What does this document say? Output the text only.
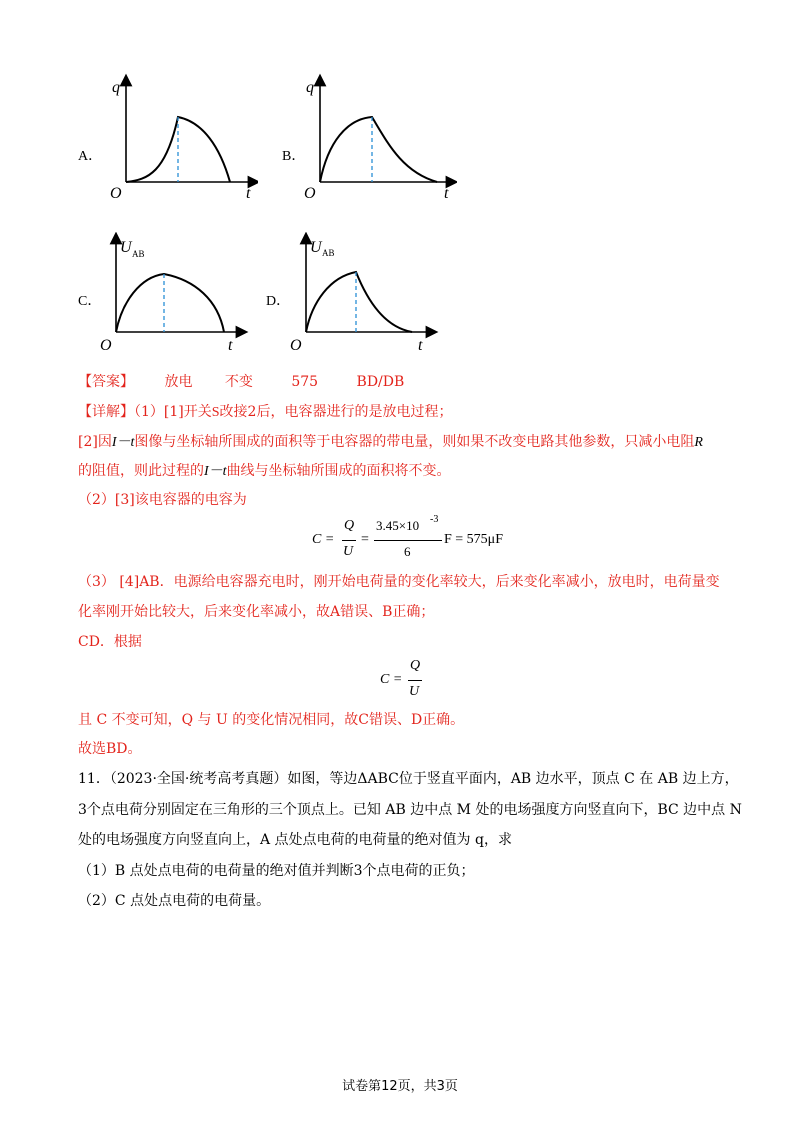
A．
q
t
O
B．
q
t
O
C．
U AB
t
O
D．
U AB
t
O
【答案】 放电 不变	575	BD/DB
【详解】（1）[1]开关S改接2后，电容器进行的是放电过程；
[2]因I－t图像与坐标轴所围成的面积等于电容器的带电量，则如果不改变电路其他参数，只减小电阻R
的阻值，则此过程的I－t曲线与坐标轴所围成的面积将不变。
（2）[3]该电容器的电容为
C =
Q
U
=
3.45×10 -3
6
F = 575μF
（3） [4]AB．电源给电容器充电时，刚开始电荷量的变化率较大，后来变化率减小，放电时，电荷量变
化率刚开始比较大，后来变化率减小，故A错误、B正确；
CD．根据
C =
Q
U
且 C 不变可知，Q 与 U 的变化情况相同，故C错误、D正确。
故选BD。
11．（2023·全国·统考高考真题）如图，等边ΔABC位于竖直平面内，AB 边水平，顶点 C 在 AB 边上方，
3个点电荷分别固定在三角形的三个顶点上。已知 AB 边中点 M 处的电场强度方向竖直向下，BC 边中点 N
处的电场强度方向竖直向上，A 点处点电荷的电荷量的绝对值为 q，求
（1）B 点处点电荷的电荷量的绝对值并判断3个点电荷的正负；
（2）C 点处点电荷的电荷量。
试卷第12页，共3页
